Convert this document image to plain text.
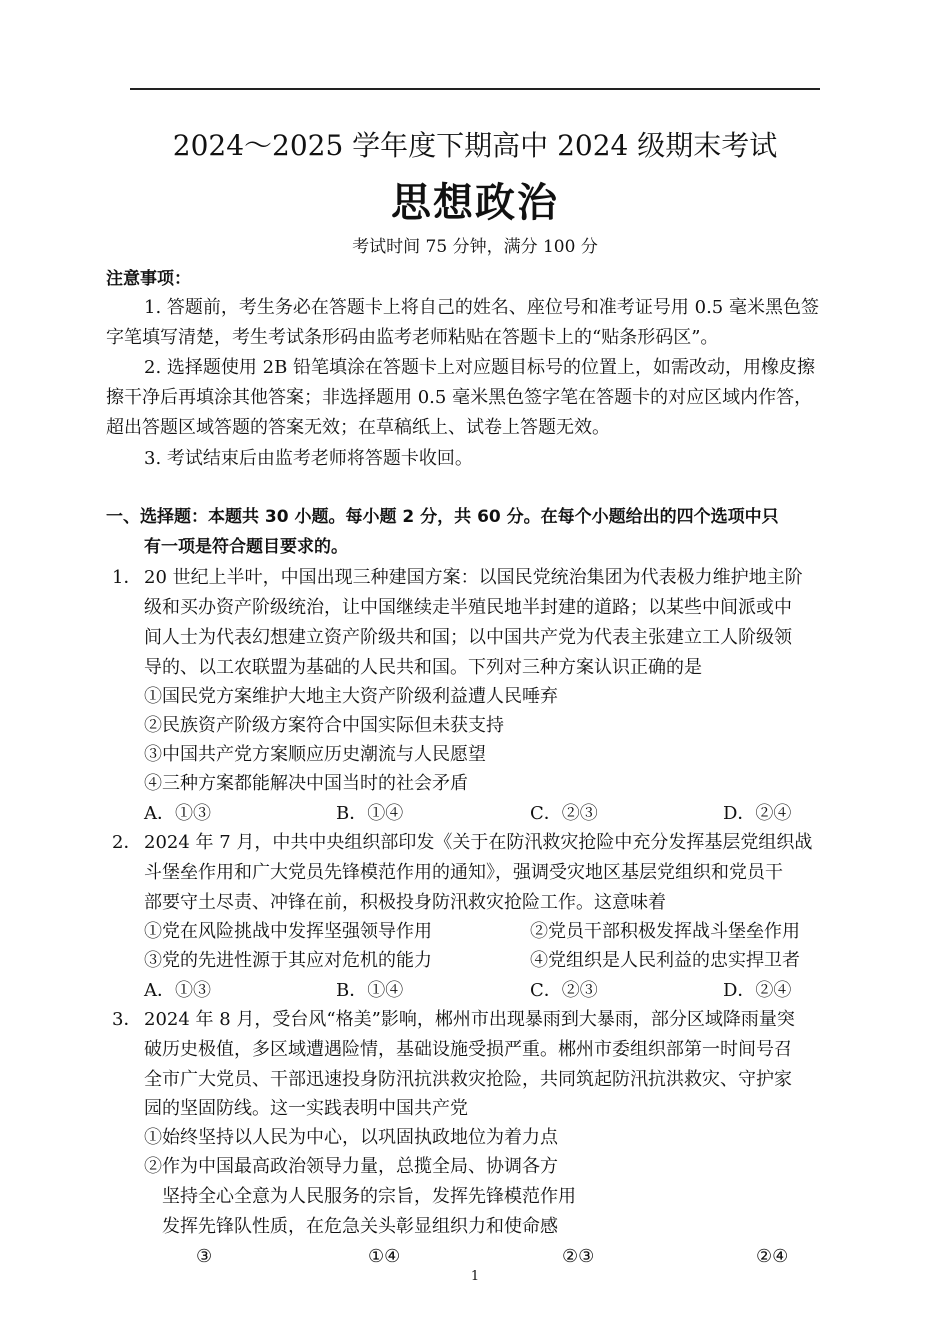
2024～2025 学年度下期高中 2024 级期末考试
思想政治
考试时间 75 分钟，满分 100 分
注意事项：
1. 答题前，考生务必在答题卡上将自己的姓名、座位号和准考证号用 0.5 毫米黑色签
字笔填写清楚，考生考试条形码由监考老师粘贴在答题卡上的“贴条形码区”。
2. 选择题使用 2B 铅笔填涂在答题卡上对应题目标号的位置上，如需改动，用橡皮擦
擦干净后再填涂其他答案；非选择题用 0.5 毫米黑色签字笔在答题卡的对应区域内作答，
超出答题区域答题的答案无效；在草稿纸上、试卷上答题无效。
3. 考试结束后由监考老师将答题卡收回。
一、选择题：本题共 30 小题。每小题 2 分，共 60 分。在每个小题给出的四个选项中只
有一项是符合题目要求的。
1． 20 世纪上半叶，中国出现三种建国方案：以国民党统治集团为代表极力维护地主阶
级和买办资产阶级统治，让中国继续走半殖民地半封建的道路；以某些中间派或中
间人士为代表幻想建立资产阶级共和国；以中国共产党为代表主张建立工人阶级领
导的、以工农联盟为基础的人民共和国。下列对三种方案认识正确的是
①国民党方案维护大地主大资产阶级利益遭人民唾弃
②民族资产阶级方案符合中国实际但未获支持
③中国共产党方案顺应历史潮流与人民愿望
④三种方案都能解决中国当时的社会矛盾
A．①③	B．①④	C．②③	D．②④
2． 2024 年 7 月，中共中央组织部印发《关于在防汛救灾抢险中充分发挥基层党组织战
斗堡垒作用和广大党员先锋模范作用的通知》，强调受灾地区基层党组织和党员干
部要守土尽责、冲锋在前，积极投身防汛救灾抢险工作。这意味着
①党在风险挑战中发挥坚强领导作用	②党员干部积极发挥战斗堡垒作用
③党的先进性源于其应对危机的能力	④党组织是人民利益的忠实捍卫者
A．①③	B．①④	C．②③	D．②④
3． 2024 年 8 月，受台风“格美”影响，郴州市出现暴雨到大暴雨，部分区域降雨量突
破历史极值，多区域遭遇险情，基础设施受损严重。郴州市委组织部第一时间号召
全市广大党员、干部迅速投身防汛抗洪救灾抢险，共同筑起防汛抗洪救灾、守护家
园的坚固防线。这一实践表明中国共产党
①始终坚持以人民为中心，以巩固执政地位为着力点
②作为中国最高政治领导力量，总揽全局、协调各方
坚持全心全意为人民服务的宗旨，发挥先锋模范作用
发挥先锋队性质，在危急关头彰显组织力和使命感
③	①④	②③	②④
1
